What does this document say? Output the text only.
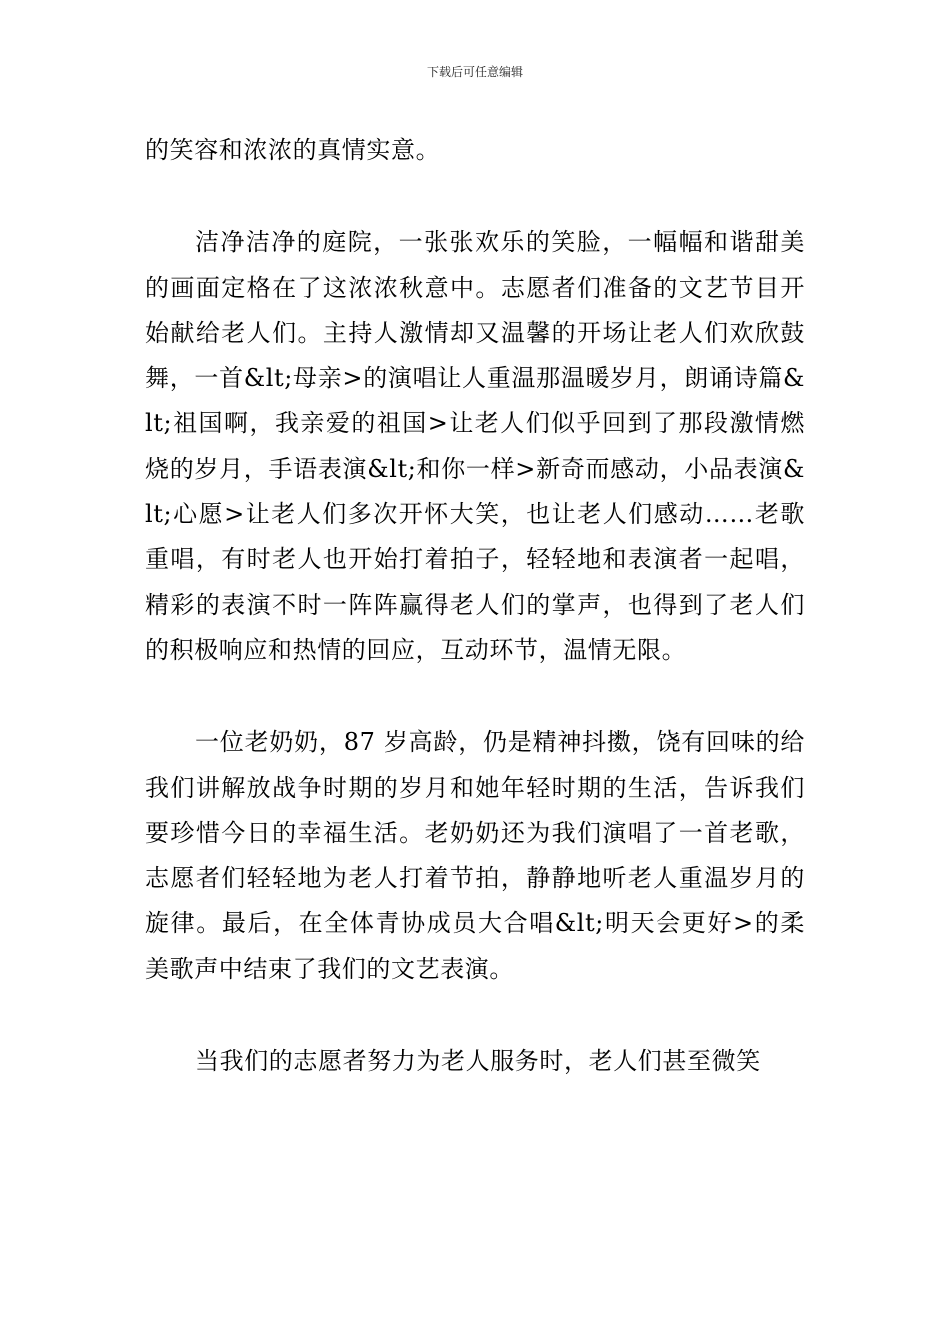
下载后可任意编辑

的笑容和浓浓的真情实意。

洁净洁净的庭院，一张张欢乐的笑脸，一幅幅和谐甜美的画面定格在了这浓浓秋意中。志愿者们准备的文艺节目开始献给老人们。主持人激情却又温馨的开场让老人们欢欣鼓舞，一首&lt;母亲>的演唱让人重温那温暖岁月，朗诵诗篇&lt;祖国啊，我亲爱的祖国>让老人们似乎回到了那段激情燃烧的岁月，手语表演&lt;和你一样>新奇而感动，小品表演&lt;心愿>让老人们多次开怀大笑，也让老人们感动……老歌重唱，有时老人也开始打着拍子，轻轻地和表演者一起唱，精彩的表演不时一阵阵赢得老人们的掌声，也得到了老人们的积极响应和热情的回应，互动环节，温情无限。

一位老奶奶，87 岁高龄，仍是精神抖擞，饶有回味的给我们讲解放战争时期的岁月和她年轻时期的生活，告诉我们要珍惜今日的幸福生活。老奶奶还为我们演唱了一首老歌，志愿者们轻轻地为老人打着节拍，静静地听老人重温岁月的旋律。最后，在全体青协成员大合唱&lt;明天会更好>的柔美歌声中结束了我们的文艺表演。

当我们的志愿者努力为老人服务时，老人们甚至微笑
